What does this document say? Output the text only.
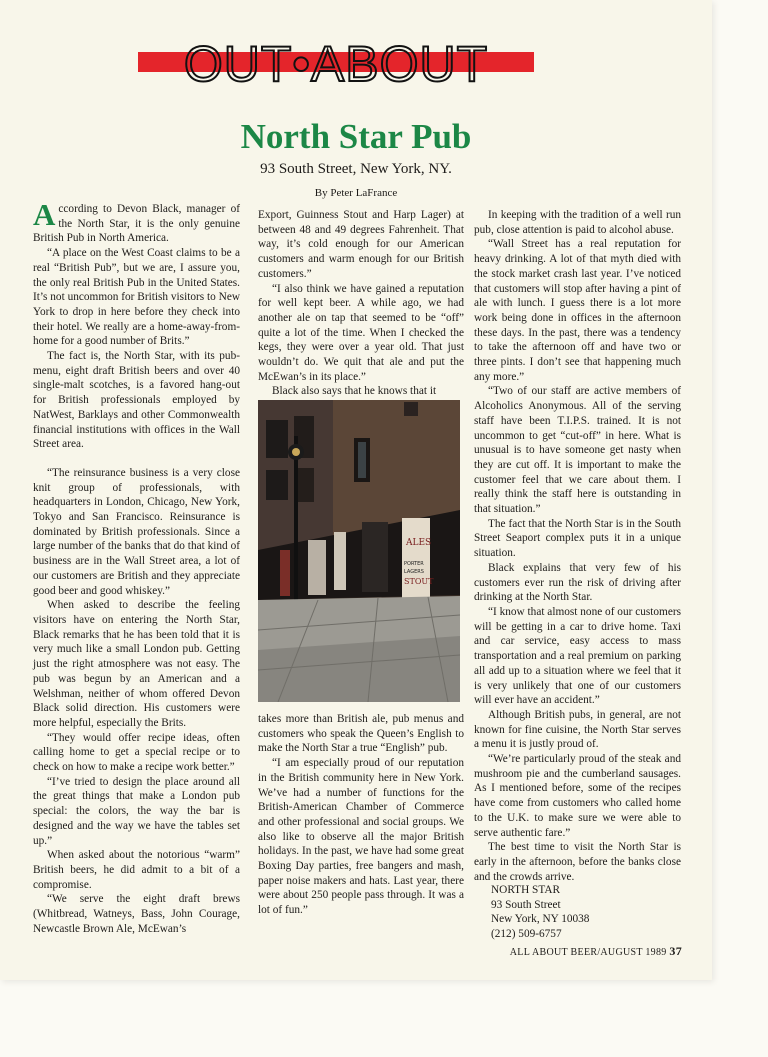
OUT•ABOUT
North Star Pub
93 South Street, New York, NY.
By Peter LaFrance

According to Devon Black, manager of the North Star, it is the only genuine British Pub in North America.

“A place on the West Coast claims to be a real “British Pub”, but we are, I assure you, the only real British Pub in the United States. It’s not uncommon for British visitors to New York to drop in here before they check into their hotel. We really are a home-away-from-home for a good number of Brits.”

The fact is, the North Star, with its pub-menu, eight draft British beers and over 40 single-malt scotches, is a favored hang-out for British professionals employed by NatWest, Barklays and other Commonwealth financial institutions with offices in the Wall Street area.

“The reinsurance business is a very close knit group of professionals, with headquarters in London, Chicago, New York, Tokyo and San Francisco. Reinsurance is dominated by British professionals. Since a large number of the banks that do that kind of business are in the Wall Street area, a lot of our customers are British and they appreciate good beer and good whiskey.”

When asked to describe the feeling visitors have on entering the North Star, Black remarks that he has been told that it is very much like a small London pub. Getting just the right atmosphere was not easy. The pub was begun by an American and a Welshman, neither of whom offered Devon Black solid direction. His customers were more helpful, especially the Brits.

“They would offer recipe ideas, often calling home to get a special recipe or to check on how to make a recipe work better.”

“I’ve tried to design the place around all the great things that make a London pub special: the colors, the way the bar is designed and the way we have the tables set up.”

When asked about the notorious “warm” British beers, he did admit to a bit of a compromise.

“We serve the eight draft brews (Whitbread, Watneys, Bass, John Courage, Newcastle Brown Ale, McEwan’s

Export, Guinness Stout and Harp Lager) at between 48 and 49 degrees Fahrenheit. That way, it’s cold enough for our American customers and warm enough for our British customers.”

“I also think we have gained a reputation for well kept beer. A while ago, we had another ale on tap that seemed to be “off” quite a lot of the time. When I checked the kegs, they were over a year old. That just wouldn’t do. We quit that ale and put the McEwan’s in its place.”

Black also says that he knows that it

ALES
PORTER
LAGERS
STOUT

takes more than British ale, pub menus and customers who speak the Queen’s English to make the North Star a true “English” pub.

“I am especially proud of our reputation in the British community here in New York. We’ve had a number of functions for the British-American Chamber of Commerce and other professional and social groups. We also like to observe all the major British holidays. In the past, we have had some great Boxing Day parties, free bangers and mash, paper noise makers and hats. Last year, there were about 250 people pass through. It was a lot of fun.”

In keeping with the tradition of a well run pub, close attention is paid to alcohol abuse.

“Wall Street has a real reputation for heavy drinking. A lot of that myth died with the stock market crash last year. I’ve noticed that customers will stop after having a pint of ale with lunch. I guess there is a lot more work being done in offices in the afternoon these days. In the past, there was a tendency to take the afternoon off and have two or three pints. I don’t see that happening much any more.”

“Two of our staff are active members of Alcoholics Anonymous. All of the serving staff have been T.I.P.S. trained. It is not uncommon to get “cut-off” in here. What is unusual is to have someone get nasty when they are cut off. It is important to make the customer feel that we care about them. I really think the staff here is outstanding in that situation.”

The fact that the North Star is in the South Street Seaport complex puts it in a unique situation.

Black explains that very few of his customers ever run the risk of driving after drinking at the North Star.

“I know that almost none of our customers will be getting in a car to drive home. Taxi and car service, easy access to mass transportation and a real premium on parking all add up to a situation where we feel that it is very unlikely that one of our customers will ever have an accident.”

Although British pubs, in general, are not known for fine cuisine, the North Star serves a menu it is justly proud of.

“We’re particularly proud of the steak and mushroom pie and the cumberland sausages. As I mentioned before, some of the recipes have come from customers who called home to the U.K. to make sure we were able to serve authentic fare.”

The best time to visit the North Star is early in the afternoon, before the banks close and the crowds arrive.

NORTH STAR
93 South Street
New York, NY 10038
(212) 509-6757
ALL ABOUT BEER/AUGUST 1989 37
